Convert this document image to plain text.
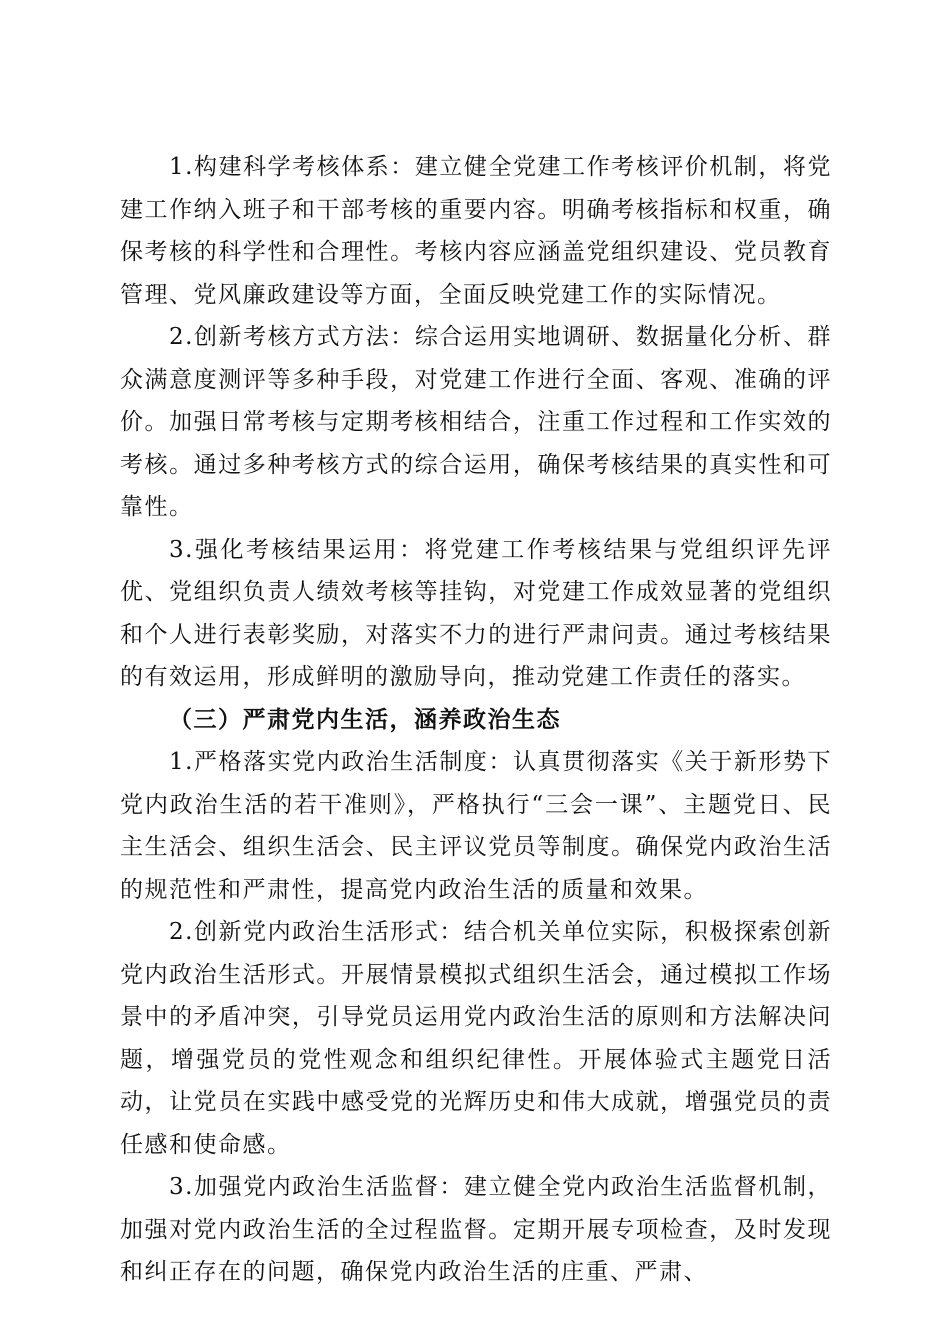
1.构建科学考核体系：建立健全党建工作考核评价机制，将党建工作纳入班子和干部考核的重要内容。明确考核指标和权重，确保考核的科学性和合理性。考核内容应涵盖党组织建设、党员教育管理、党风廉政建设等方面，全面反映党建工作的实际情况。

2.创新考核方式方法：综合运用实地调研、数据量化分析、群众满意度测评等多种手段，对党建工作进行全面、客观、准确的评价。加强日常考核与定期考核相结合，注重工作过程和工作实效的考核。通过多种考核方式的综合运用，确保考核结果的真实性和可靠性。

3.强化考核结果运用：将党建工作考核结果与党组织评先评优、党组织负责人绩效考核等挂钩，对党建工作成效显著的党组织和个人进行表彰奖励，对落实不力的进行严肃问责。通过考核结果的有效运用，形成鲜明的激励导向，推动党建工作责任的落实。

（三）严肃党内生活，涵养政治生态

1.严格落实党内政治生活制度：认真贯彻落实《关于新形势下党内政治生活的若干准则》，严格执行“三会一课”、主题党日、民主生活会、组织生活会、民主评议党员等制度。确保党内政治生活的规范性和严肃性，提高党内政治生活的质量和效果。

2.创新党内政治生活形式：结合机关单位实际，积极探索创新党内政治生活形式。开展情景模拟式组织生活会，通过模拟工作场景中的矛盾冲突，引导党员运用党内政治生活的原则和方法解决问题，增强党员的党性观念和组织纪律性。开展体验式主题党日活动，让党员在实践中感受党的光辉历史和伟大成就，增强党员的责任感和使命感。

3.加强党内政治生活监督：建立健全党内政治生活监督机制，加强对党内政治生活的全过程监督。定期开展专项检查，及时发现和纠正存在的问题，确保党内政治生活的庄重、严肃、
